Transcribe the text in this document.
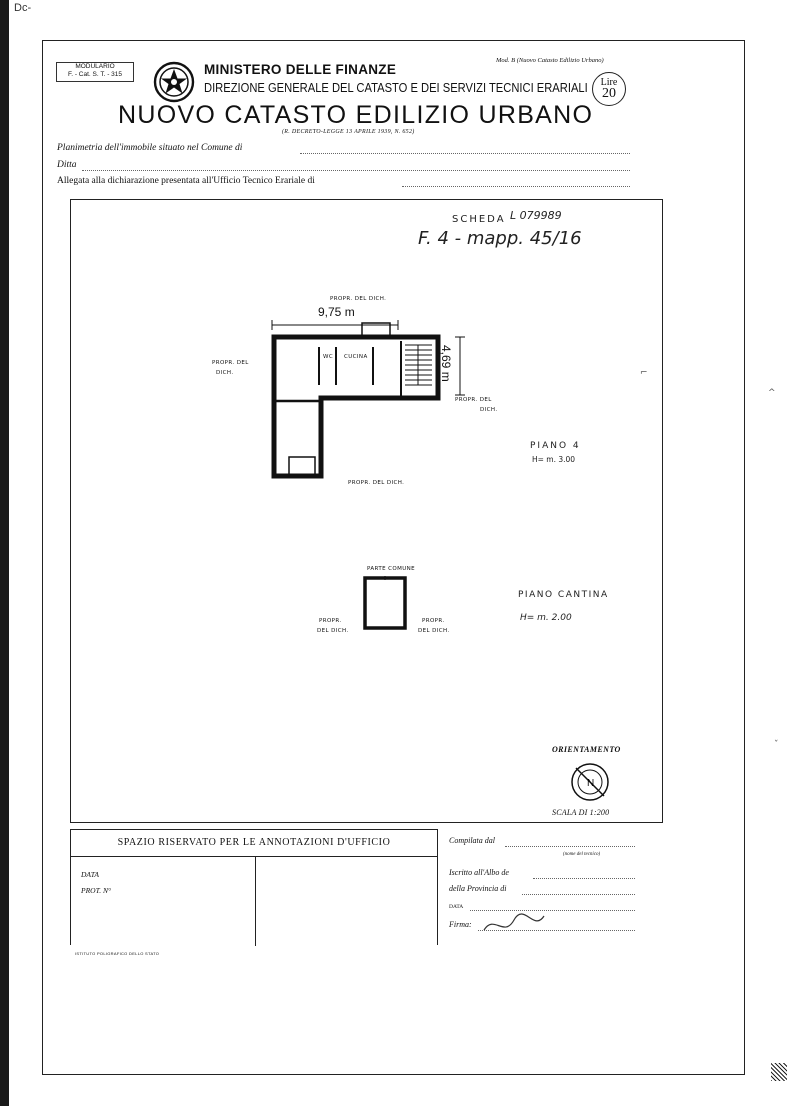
Dc-
MODULARIO
F. - Cat. S. T. - 315
Mod. B (Nuovo Catasto Edilizio Urbano)
MINISTERO DELLE FINANZE
DIREZIONE GENERALE DEL CATASTO E DEI SERVIZI TECNICI ERARIALI	Lire
20
NUOVO CATASTO EDILIZIO URBANO
(R. DECRETO-LEGGE 13 APRILE 1939, N. 652)
Planimetria dell'immobile situato nel Comune di
Ditta
Allegata alla dichiarazione presentata all'Ufficio Tecnico Erariale di
SCHEDA L 079989
F. 4 - mapp. 45/16
9,75 m
4,69 m
PROPR. DEL DICH.
PROPR. DEL
DICH.
PROPR. DEL
DICH.
PROPR. DEL DICH.
WC CUCINA
PIANO 4
H= m. 3.00
PARTE COMUNE
PROPR.
DEL DICH.
PROPR.
DEL DICH.
PIANO CANTINA
H= m. 2.00
ORIENTAMENTO
N
SCALA DI 1:200
SPAZIO RISERVATO PER LE ANNOTAZIONI D'UFFICIO
DATA
PROT. N°
Compilata dal
(nome del tecnico)
Iscritto all'Albo de
della Provincia di
DATA
Firma:
ISTITUTO POLIGRAFICO DELLO STATO
⌐
^
ˇ
